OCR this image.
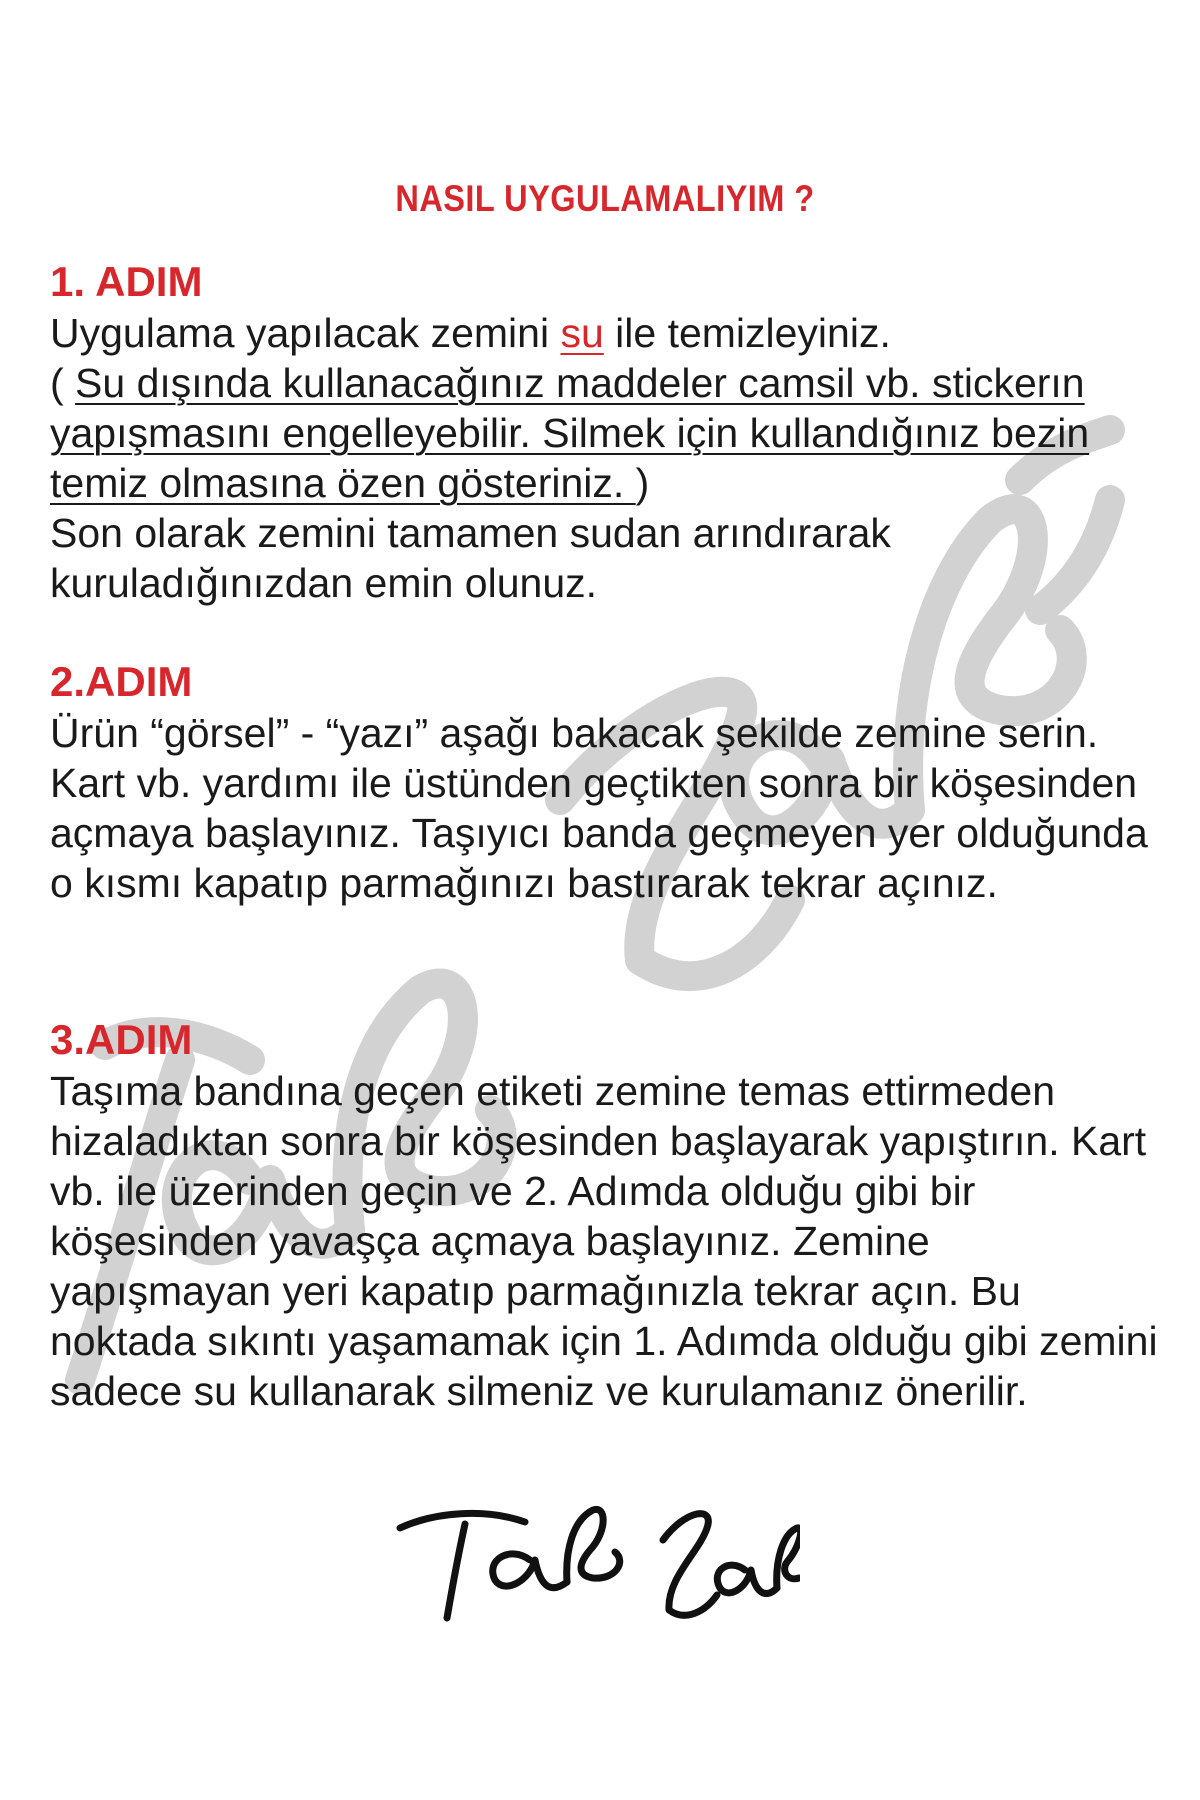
NASIL UYGULAMALIYIM ?
1. ADIM

Uygulama yapılacak zemini su ile temizleyiniz.
( Su dışında kullanacağınız maddeler camsil vb. stickerın yapışmasını engelleyebilir. Silmek için kullandığınız bezin temiz olmasına özen gösteriniz. )
Son olarak zemini tamamen sudan arındırarak kuruladığınızdan emin olunuz.

2.ADIM

Ürün “görsel” - “yazı” aşağı bakacak şekilde zemine serin. Kart vb. yardımı ile üstünden geçtikten sonra bir köşesinden açmaya başlayınız. Taşıyıcı banda geçmeyen yer olduğunda o kısmı kapatıp parmağınızı bastırarak tekrar açınız.

3.ADIM

Taşıma bandına geçen etiketi zemine temas ettirmeden hizaladıktan sonra bir köşesinden başlayarak yapıştırın. Kart vb. ile üzerinden geçin ve 2. Adımda olduğu gibi bir köşesinden yavaşça açmaya başlayınız. Zemine yapışmayan yeri kapatıp parmağınızla tekrar açın. Bu noktada sıkıntı yaşamamak için 1. Adımda olduğu gibi zemini sadece su kullanarak silmeniz ve kurulamanız önerilir.
